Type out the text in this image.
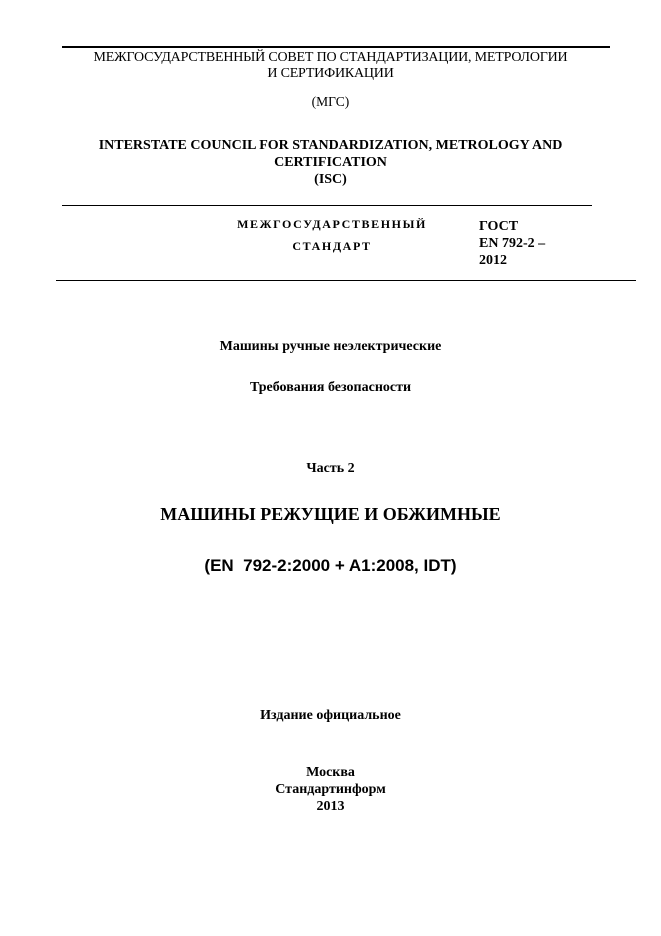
МЕЖГОСУДАРСТВЕННЫЙ СОВЕТ ПО СТАНДАРТИЗАЦИИ, МЕТРОЛОГИИ
И СЕРТИФИКАЦИИ
(МГС)
INTERSTATE COUNCIL FOR STANDARDIZATION, METROLOGY AND
CERTIFICATION
(ISC)
МЕЖГОСУДАРСТВЕННЫЙ
СТАНДАРТ
ГОСТ
EN 792-2 –
2012
Машины ручные неэлектрические
Требования безопасности
Часть 2
МАШИНЫ РЕЖУЩИЕ И ОБЖИМНЫЕ
(EN  792-2:2000 + A1:2008, IDT)
Издание официальное
Москва
Стандартинформ
2013
